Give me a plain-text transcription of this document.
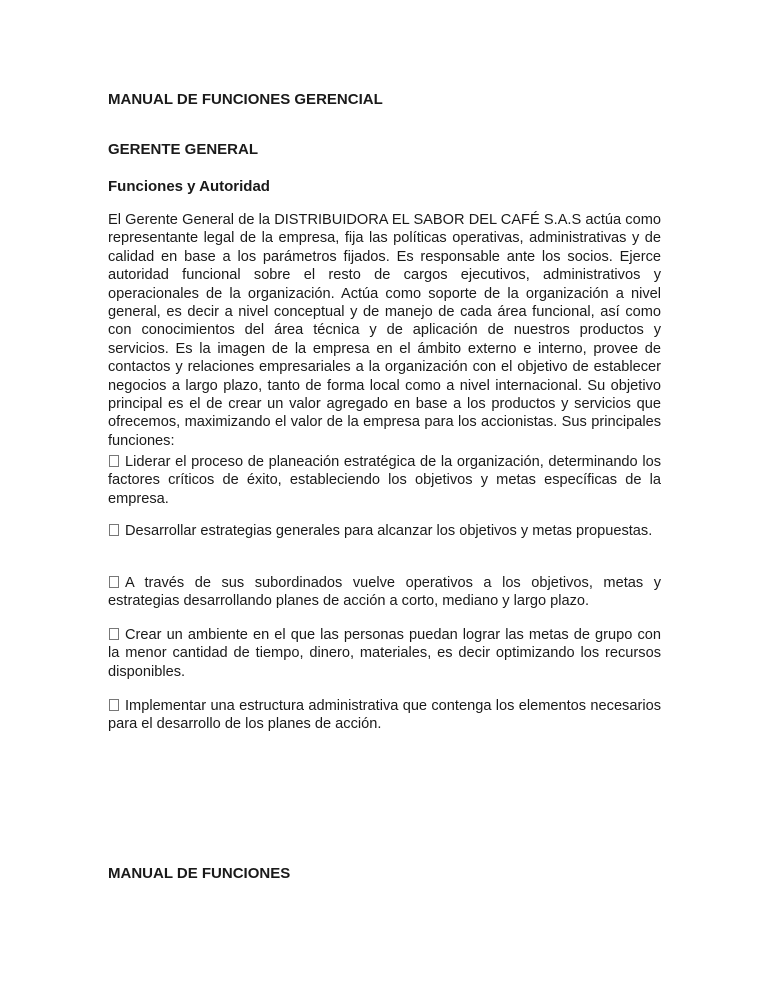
MANUAL DE FUNCIONES GERENCIAL
GERENTE GENERAL
Funciones y Autoridad

El Gerente General de la DISTRIBUIDORA EL SABOR DEL CAFÉ S.A.S actúa como representante legal de la empresa, fija las políticas operativas, administrativas y de calidad en base a los parámetros fijados. Es responsable ante los socios. Ejerce autoridad funcional sobre el resto de cargos ejecutivos, administrativos y operacionales de la organización. Actúa como soporte de la organización a nivel general, es decir a nivel conceptual y de manejo de cada área funcional, así como con conocimientos del área técnica y de aplicación de nuestros productos y servicios. Es la imagen de la empresa en el ámbito externo e interno, provee de contactos y relaciones empresariales a la organización con el objetivo de establecer negocios a largo plazo, tanto de forma local como a nivel internacional. Su objetivo principal es el de crear un valor agregado en base a los productos y servicios que ofrecemos, maximizando el valor de la empresa para los accionistas. Sus principales funciones:

Liderar el proceso de planeación estratégica de la organización, determinando los factores críticos de éxito, estableciendo los objetivos y metas específicas de la empresa.

Desarrollar estrategias generales para alcanzar los objetivos y metas propuestas.

A través de sus subordinados vuelve operativos a los objetivos, metas y estrategias desarrollando planes de acción a corto, mediano y largo plazo.

Crear un ambiente en el que las personas puedan lograr las metas de grupo con la menor cantidad de tiempo, dinero, materiales, es decir optimizando los recursos disponibles.

Implementar una estructura administrativa que contenga los elementos necesarios para el desarrollo de los planes de acción.

MANUAL DE FUNCIONES
